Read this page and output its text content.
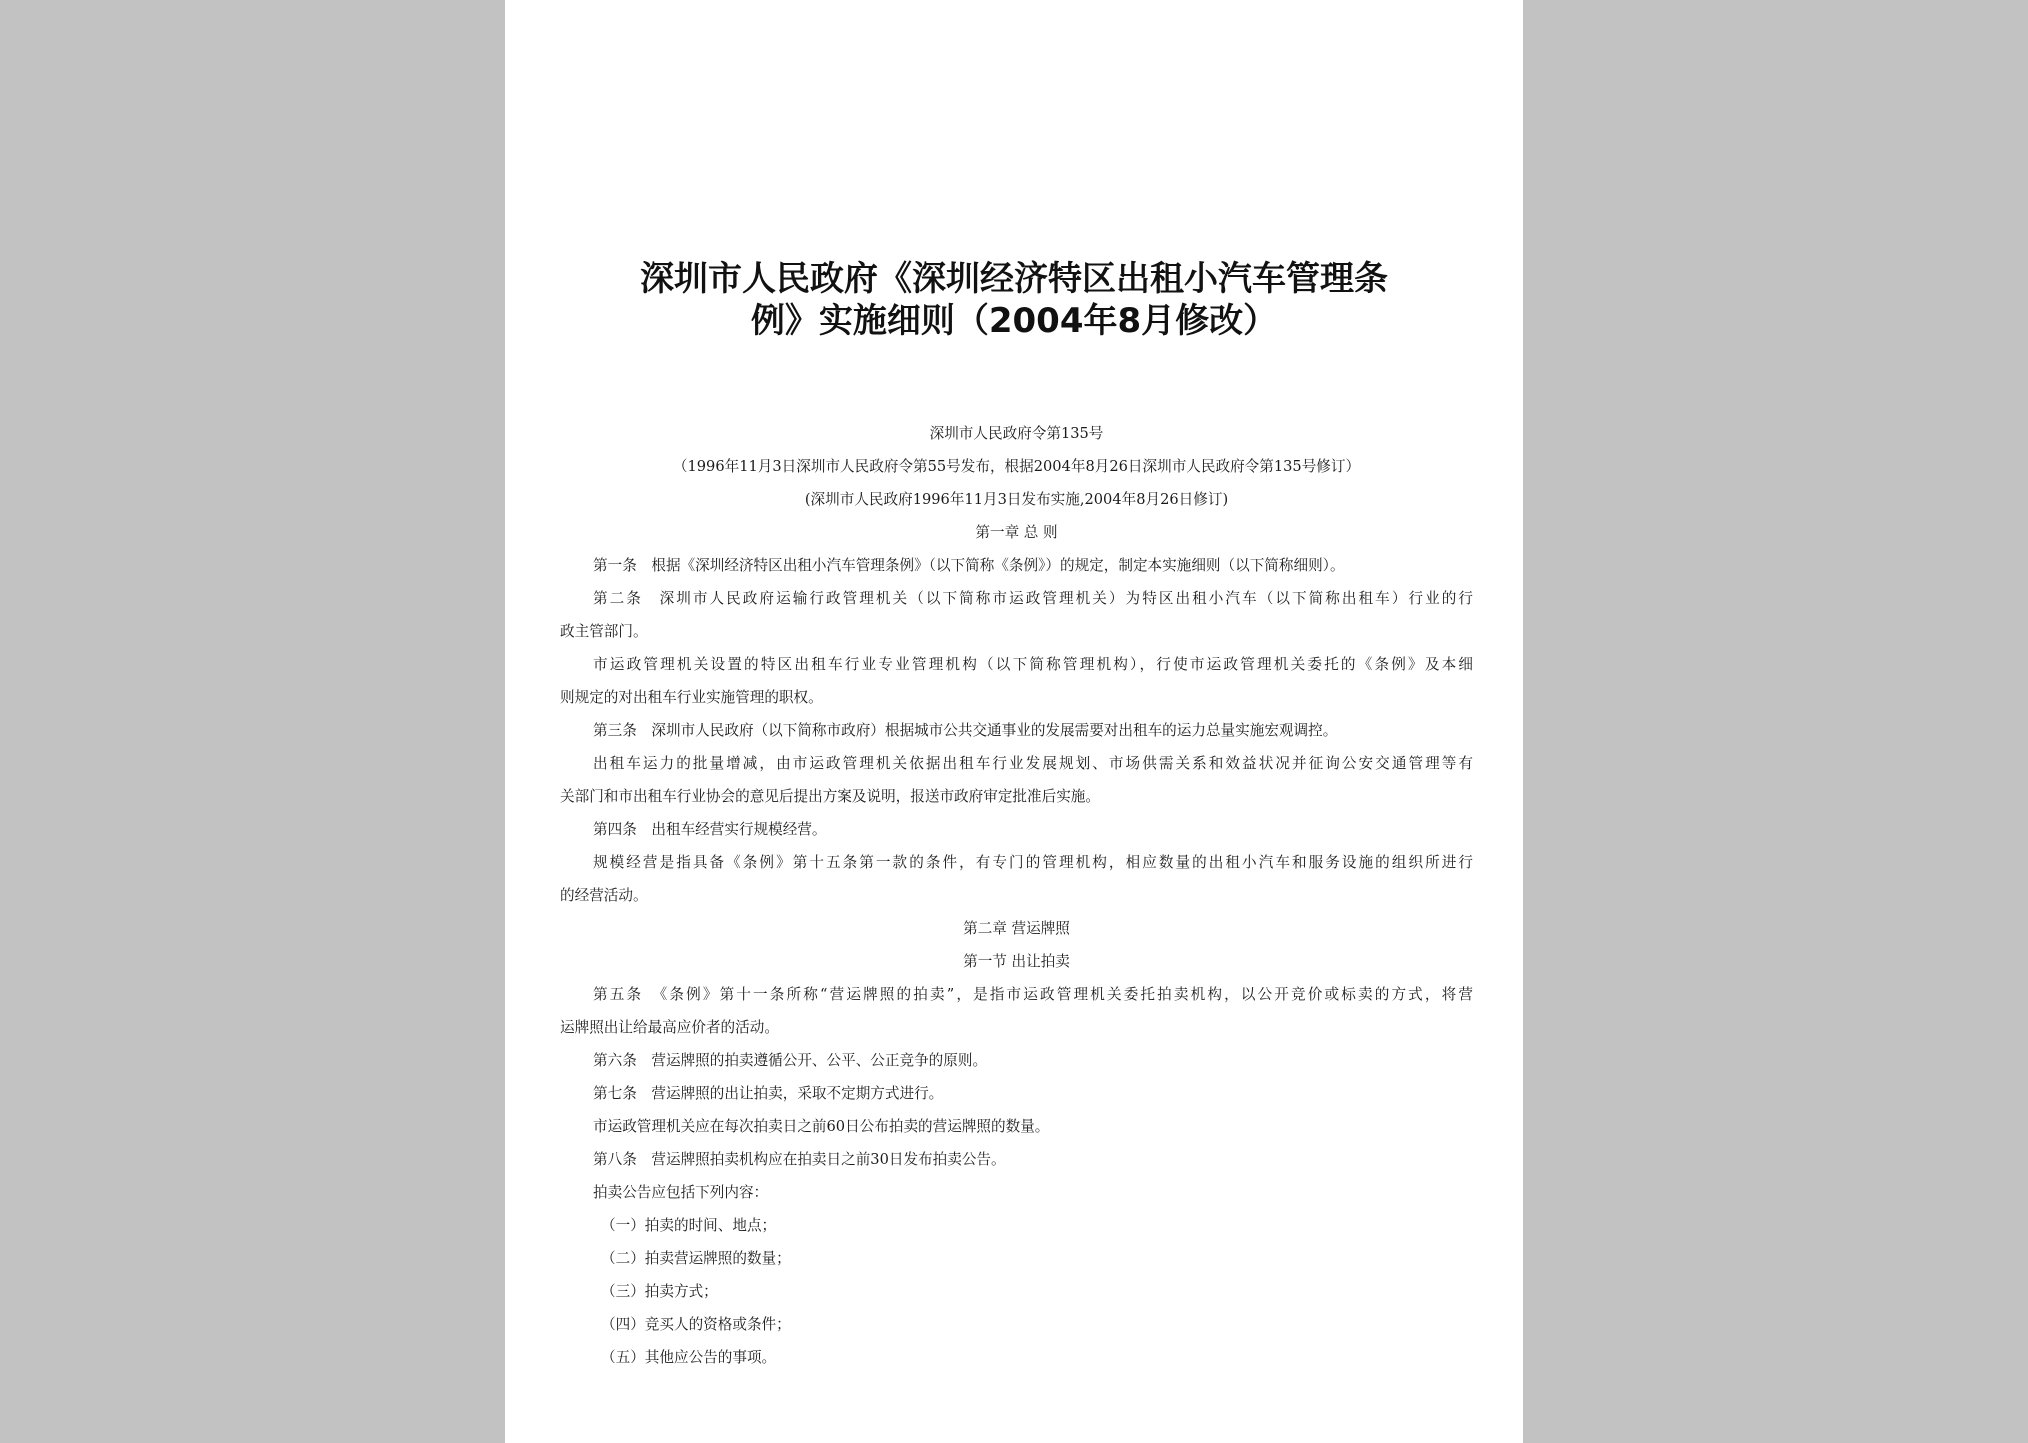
深圳市人民政府《深圳经济特区出租小汽车管理条
例》实施细则（2004年8月修改）
深圳市人民政府令第135号
（1996年11月3日深圳市人民政府令第55号发布，根据2004年8月26日深圳市人民政府令第135号修订）
(深圳市人民政府1996年11月3日发布实施,2004年8月26日修订)
第一章 总 则
第一条　根据《深圳经济特区出租小汽车管理条例》（以下简称《条例》）的规定，制定本实施细则（以下简称细则）。
第二条　深圳市人民政府运输行政管理机关（以下简称市运政管理机关）为特区出租小汽车（以下简称出租车）行业的行
政主管部门。
市运政管理机关设置的特区出租车行业专业管理机构（以下简称管理机构），行使市运政管理机关委托的《条例》及本细
则规定的对出租车行业实施管理的职权。
第三条　深圳市人民政府（以下简称市政府）根据城市公共交通事业的发展需要对出租车的运力总量实施宏观调控。
出租车运力的批量增减，由市运政管理机关依据出租车行业发展规划、市场供需关系和效益状况并征询公安交通管理等有
关部门和市出租车行业协会的意见后提出方案及说明，报送市政府审定批准后实施。
第四条　出租车经营实行规模经营。
规模经营是指具备《条例》第十五条第一款的条件，有专门的管理机构，相应数量的出租小汽车和服务设施的组织所进行
的经营活动。
第二章 营运牌照
第一节 出让拍卖
第五条　《条例》第十一条所称“营运牌照的拍卖”，是指市运政管理机关委托拍卖机构，以公开竞价或标卖的方式，将营
运牌照出让给最高应价者的活动。
第六条　营运牌照的拍卖遵循公开、公平、公正竞争的原则。
第七条　营运牌照的出让拍卖，采取不定期方式进行。
市运政管理机关应在每次拍卖日之前60日公布拍卖的营运牌照的数量。
第八条　营运牌照拍卖机构应在拍卖日之前30日发布拍卖公告。
拍卖公告应包括下列内容：
（一）拍卖的时间、地点；
（二）拍卖营运牌照的数量；
（三）拍卖方式；
（四）竞买人的资格或条件；
（五）其他应公告的事项。
